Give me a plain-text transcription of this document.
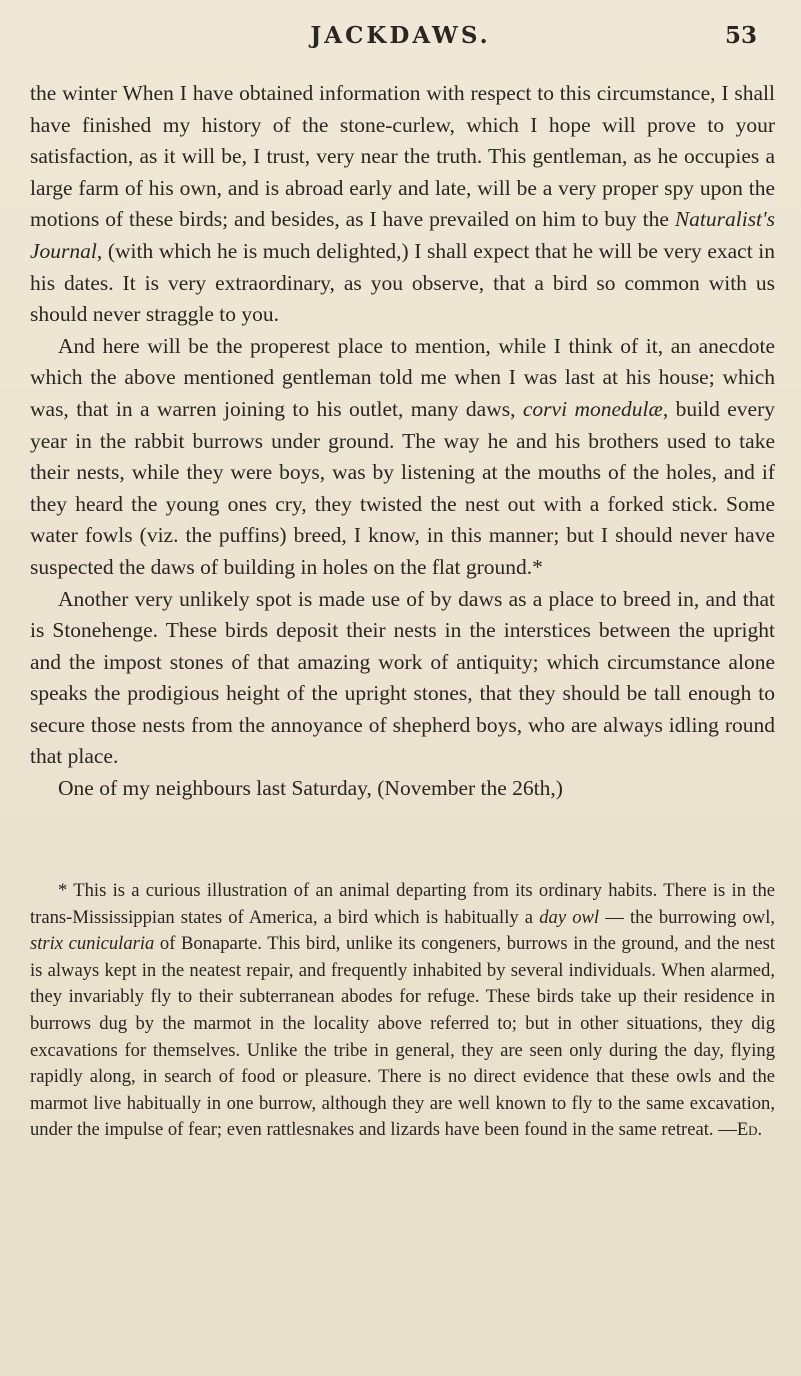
JACKDAWS.	53

the winter When I have obtained information with respect to this circumstance, I shall have finished my history of the stone-curlew, which I hope will prove to your satisfaction, as it will be, I trust, very near the truth. This gentleman, as he occupies a large farm of his own, and is abroad early and late, will be a very proper spy upon the motions of these birds; and besides, as I have prevailed on him to buy the Naturalist's Journal, (with which he is much delighted,) I shall expect that he will be very exact in his dates. It is very extraordinary, as you observe, that a bird so common with us should never straggle to you.

And here will be the properest place to mention, while I think of it, an anecdote which the above mentioned gentleman told me when I was last at his house; which was, that in a warren joining to his outlet, many daws, corvi monedulæ, build every year in the rabbit burrows under ground. The way he and his brothers used to take their nests, while they were boys, was by listening at the mouths of the holes, and if they heard the young ones cry, they twisted the nest out with a forked stick. Some water fowls (viz. the puffins) breed, I know, in this manner; but I should never have suspected the daws of building in holes on the flat ground.*

Another very unlikely spot is made use of by daws as a place to breed in, and that is Stonehenge. These birds deposit their nests in the interstices between the upright and the impost stones of that amazing work of antiquity; which circumstance alone speaks the prodigious height of the upright stones, that they should be tall enough to secure those nests from the annoyance of shepherd boys, who are always idling round that place.

One of my neighbours last Saturday, (November the 26th,)

* This is a curious illustration of an animal departing from its ordinary habits. There is in the trans-Mississippian states of America, a bird which is habitually a day owl — the burrowing owl, strix cunicularia of Bonaparte. This bird, unlike its congeners, burrows in the ground, and the nest is always kept in the neatest repair, and frequently inhabited by several individuals. When alarmed, they invariably fly to their subterranean abodes for refuge. These birds take up their residence in burrows dug by the marmot in the locality above referred to; but in other situations, they dig excavations for themselves. Unlike the tribe in general, they are seen only during the day, flying rapidly along, in search of food or pleasure. There is no direct evidence that these owls and the marmot live habitually in one burrow, although they are well known to fly to the same excavation, under the impulse of fear; even rattlesnakes and lizards have been found in the same retreat. —Ed.
